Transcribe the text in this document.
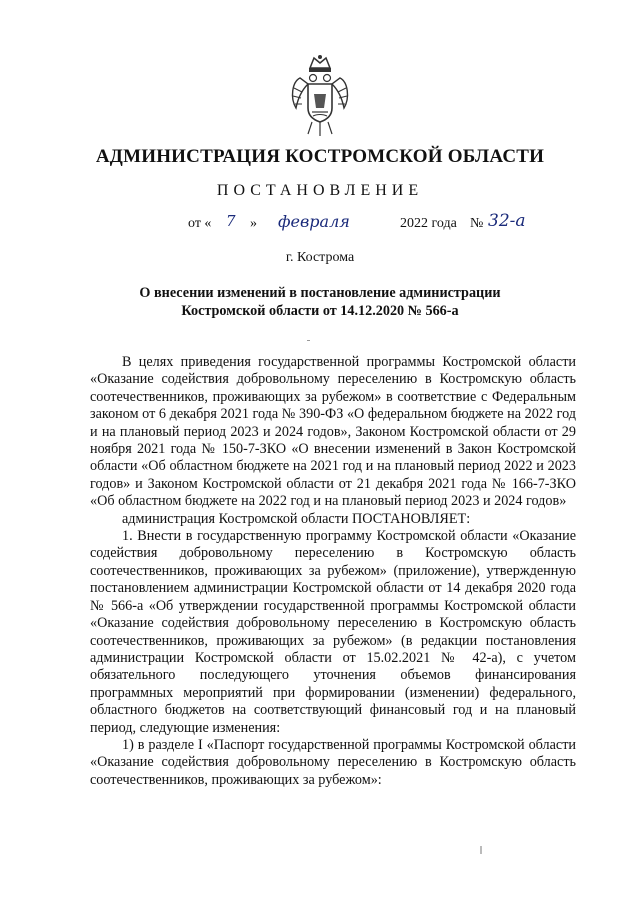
АДМИНИСТРАЦИЯ КОСТРОМСКОЙ ОБЛАСТИ
ПОСТАНОВЛЕНИЕ
от « 7 » февраля	2022 года № 32-а
г. Кострома
О внесении изменений в постановление администрации Костромской области от 14.12.2020 № 566-а

В целях приведения государственной программы Костромской области «Оказание содействия добровольному переселению в Костромскую область соотечественников, проживающих за рубежом» в соответствие с Федеральным законом от 6 декабря 2021 года № 390-ФЗ «О федеральном бюджете на 2022 год и на плановый период 2023 и 2024 годов», Законом Костромской области от 29 ноября 2021 года № 150-7-ЗКО «О внесении изменений в Закон Костромской области «Об областном бюджете на 2021 год и на плановый период 2022 и 2023 годов» и Законом Костромской области от 21 декабря 2021 года № 166-7-ЗКО «Об областном бюджете на 2022 год и на плановый период 2023 и 2024 годов»

администрация Костромской области ПОСТАНОВЛЯЕТ:

1. Внести в государственную программу Костромской области «Оказание содействия добровольному переселению в Костромскую область соотечественников, проживающих за рубежом» (приложение), утвержденную постановлением администрации Костромской области от 14 декабря 2020 года № 566-а «Об утверждении государственной программы Костромской области «Оказание содействия добровольному переселению в Костромскую область соотечественников, проживающих за рубежом» (в редакции постановления администрации Костромской области от 15.02.2021 № 42-а), с учетом обязательного последующего уточнения объемов финансирования программных мероприятий при формировании (изменении) федерального, областного бюджетов на соответствующий финансовый год и на плановый период, следующие изменения:

1) в разделе I «Паспорт государственной программы Костромской области «Оказание содействия добровольному переселению в Костромскую область соотечественников, проживающих за рубежом»:
